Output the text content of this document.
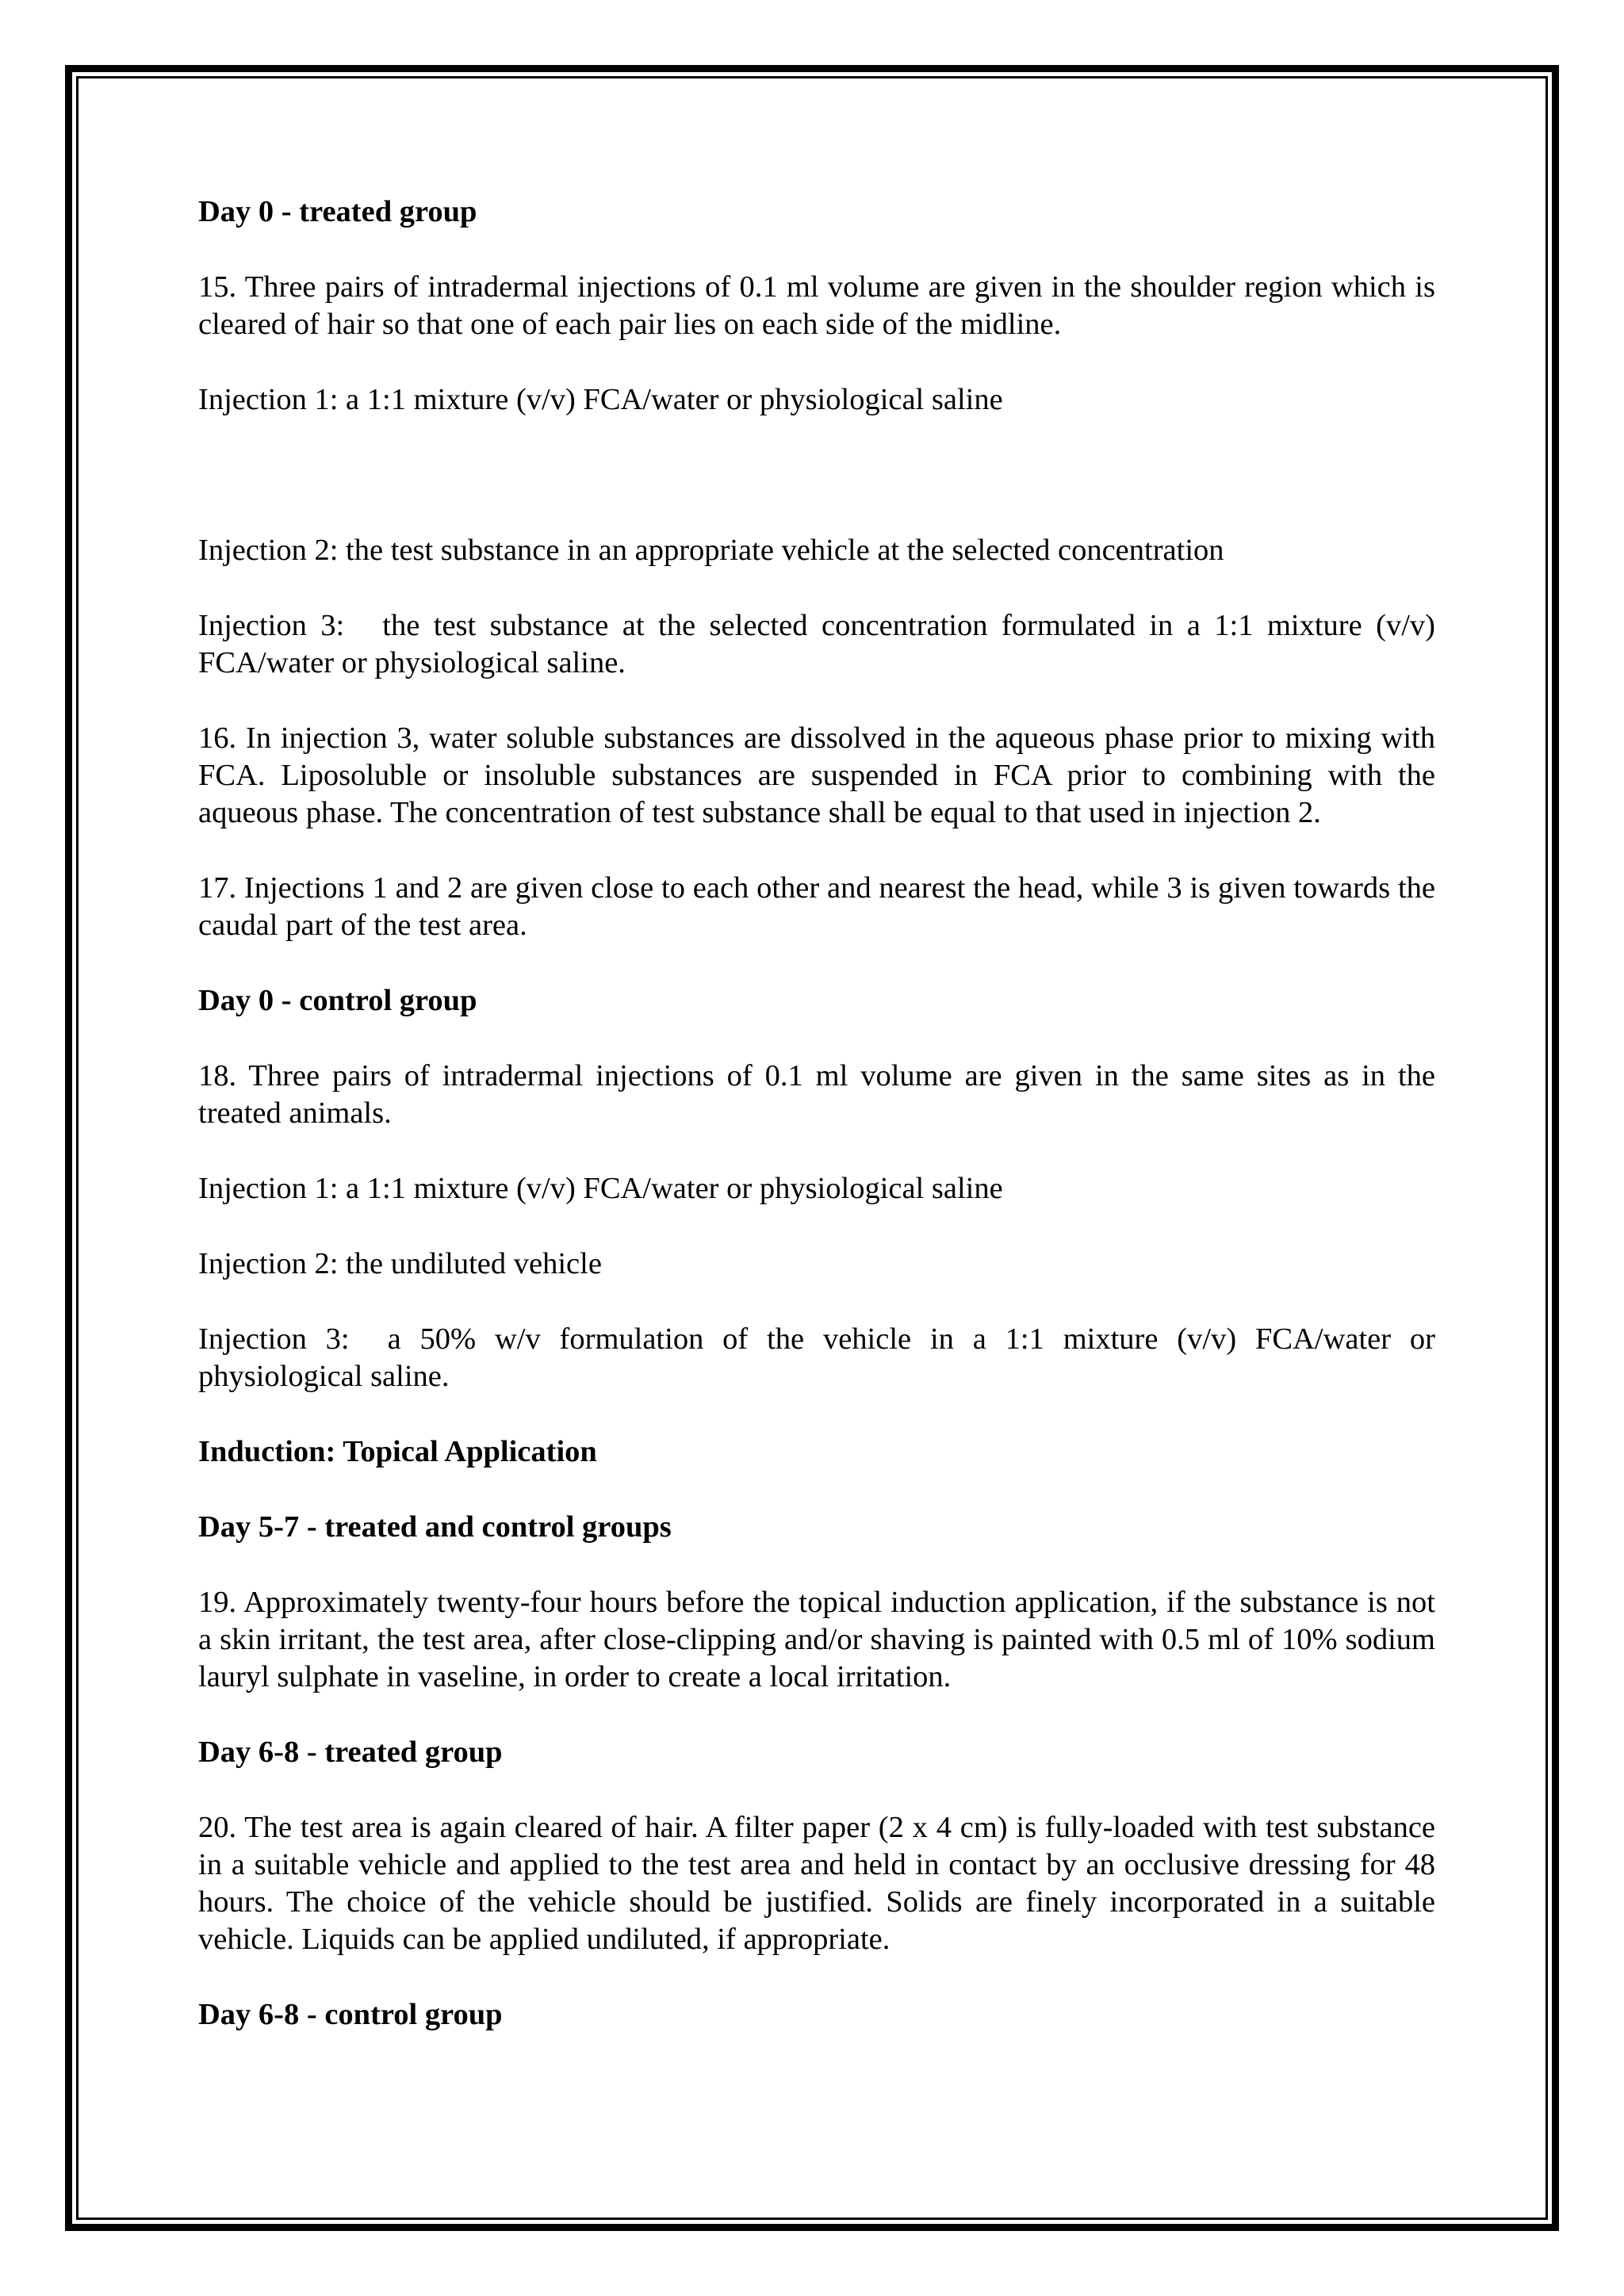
Day 0 - treated group

15. Three pairs of intradermal injections of 0.1 ml volume are given in the shoulder region which is cleared of hair so that one of each pair lies on each side of the midline.

Injection 1: a 1:1 mixture (v/v) FCA/water or physiological saline

Injection 2: the test substance in an appropriate vehicle at the selected concentration

Injection 3: the test substance at the selected concentration formulated in a 1:1 mixture (v/v) FCA/water or physiological saline.

16. In injection 3, water soluble substances are dissolved in the aqueous phase prior to mixing with FCA. Liposoluble or insoluble substances are suspended in FCA prior to combining with the aqueous phase. The concentration of test substance shall be equal to that used in injection 2.

17. Injections 1 and 2 are given close to each other and nearest the head, while 3 is given towards the caudal part of the test area.

Day 0 - control group

18. Three pairs of intradermal injections of 0.1 ml volume are given in the same sites as in the treated animals.

Injection 1: a 1:1 mixture (v/v) FCA/water or physiological saline

Injection 2: the undiluted vehicle

Injection 3: a 50% w/v formulation of the vehicle in a 1:1 mixture (v/v) FCA/water or physiological saline.

Induction: Topical Application

Day 5-7 - treated and control groups

19. Approximately twenty-four hours before the topical induction application, if the substance is not a skin irritant, the test area, after close-clipping and/or shaving is painted with 0.5 ml of 10% sodium lauryl sulphate in vaseline, in order to create a local irritation.

Day 6-8 - treated group

20. The test area is again cleared of hair. A filter paper (2 x 4 cm) is fully-loaded with test substance in a suitable vehicle and applied to the test area and held in contact by an occlusive dressing for 48 hours. The choice of the vehicle should be justified. Solids are finely incorporated in a suitable vehicle. Liquids can be applied undiluted, if appropriate.

Day 6-8 - control group
